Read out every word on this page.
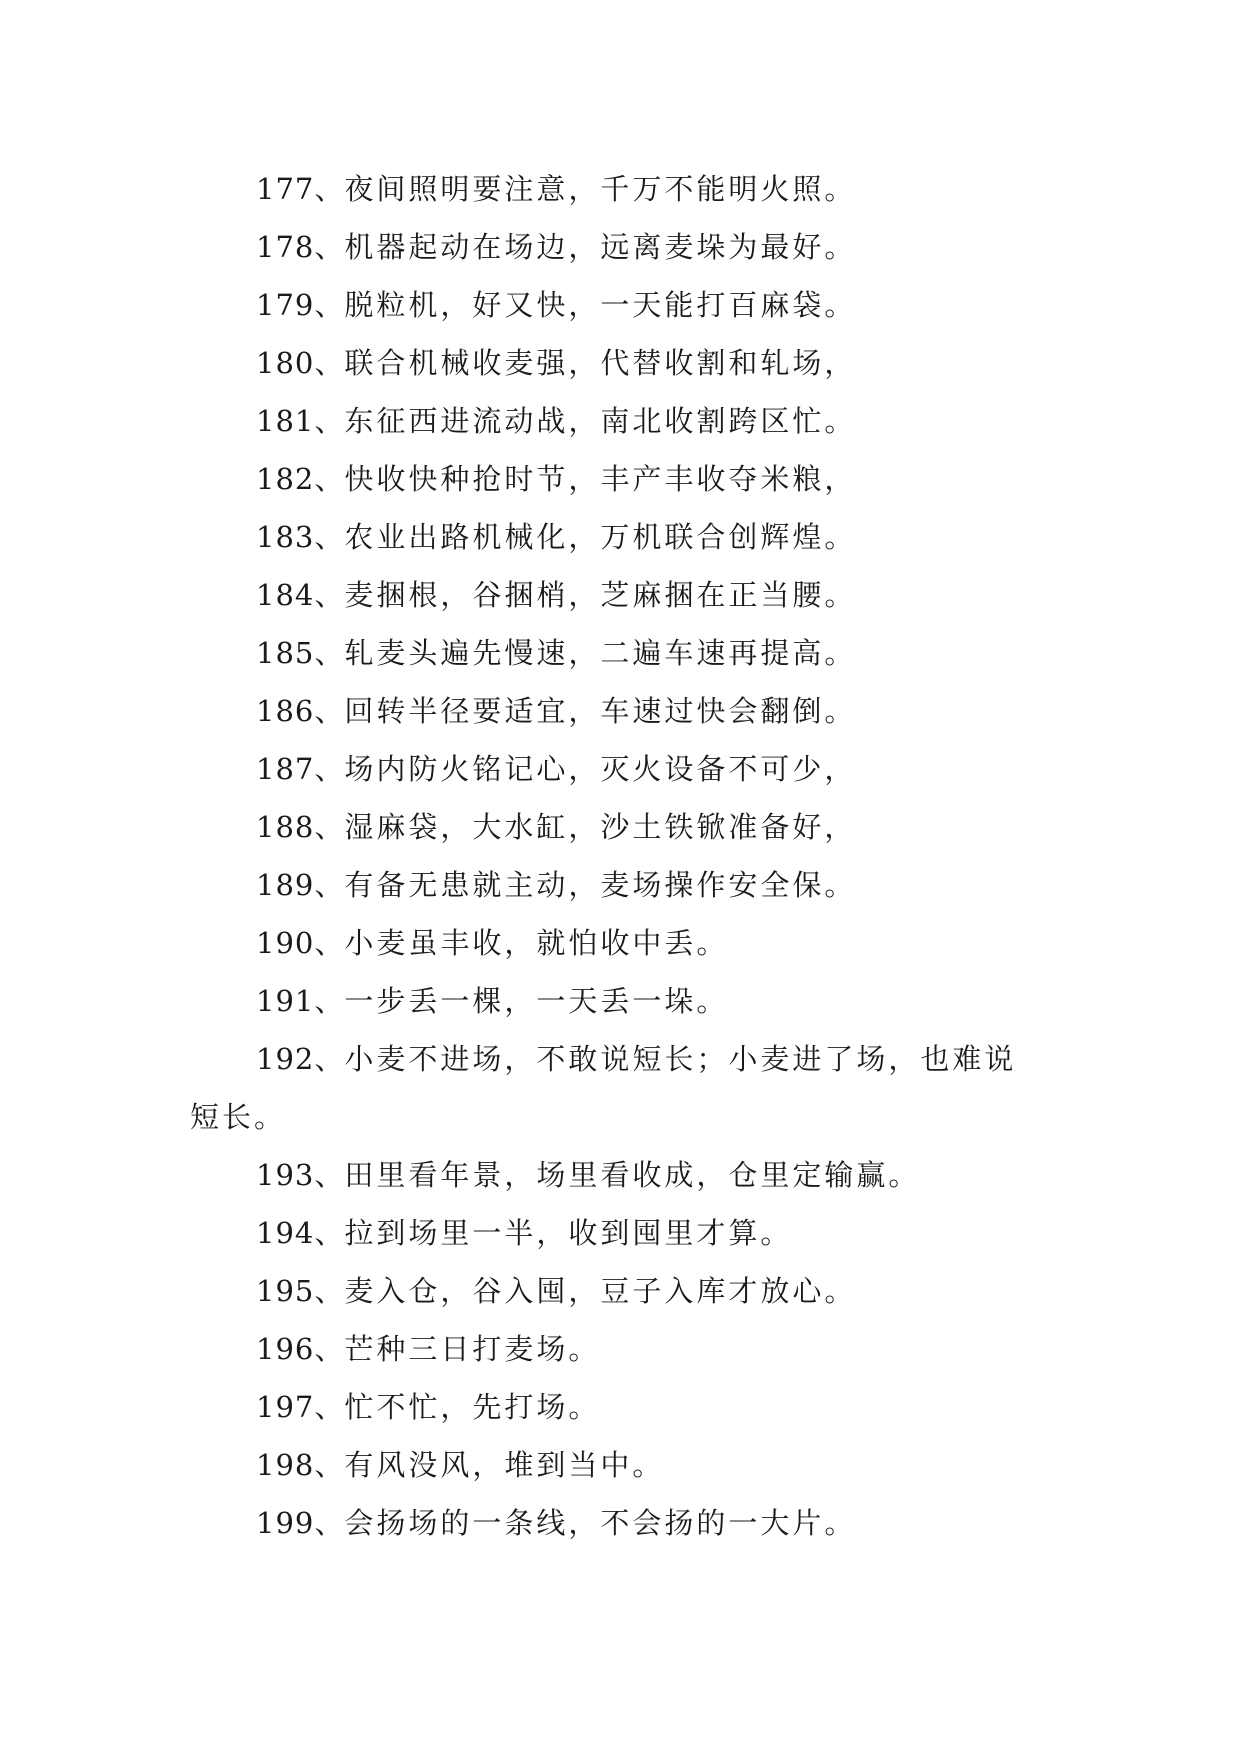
177、夜间照明要注意，千万不能明火照。
178、机器起动在场边，远离麦垛为最好。
179、脱粒机，好又快，一天能打百麻袋。
180、联合机械收麦强，代替收割和轧场，
181、东征西进流动战，南北收割跨区忙。
182、快收快种抢时节，丰产丰收夺米粮，
183、农业出路机械化，万机联合创辉煌。
184、麦捆根，谷捆梢，芝麻捆在正当腰。
185、轧麦头遍先慢速，二遍车速再提高。
186、回转半径要适宜，车速过快会翻倒。
187、场内防火铭记心，灭火设备不可少，
188、湿麻袋，大水缸，沙土铁锨准备好，
189、有备无患就主动，麦场操作安全保。
190、小麦虽丰收，就怕收中丢。
191、一步丢一棵，一天丢一垛。
192、小麦不进场，不敢说短长；小麦进了场，也难说
短长。
193、田里看年景，场里看收成，仓里定输赢。
194、拉到场里一半，收到囤里才算。
195、麦入仓，谷入囤，豆子入库才放心。
196、芒种三日打麦场。
197、忙不忙，先打场。
198、有风没风，堆到当中。
199、会扬场的一条线，不会扬的一大片。
